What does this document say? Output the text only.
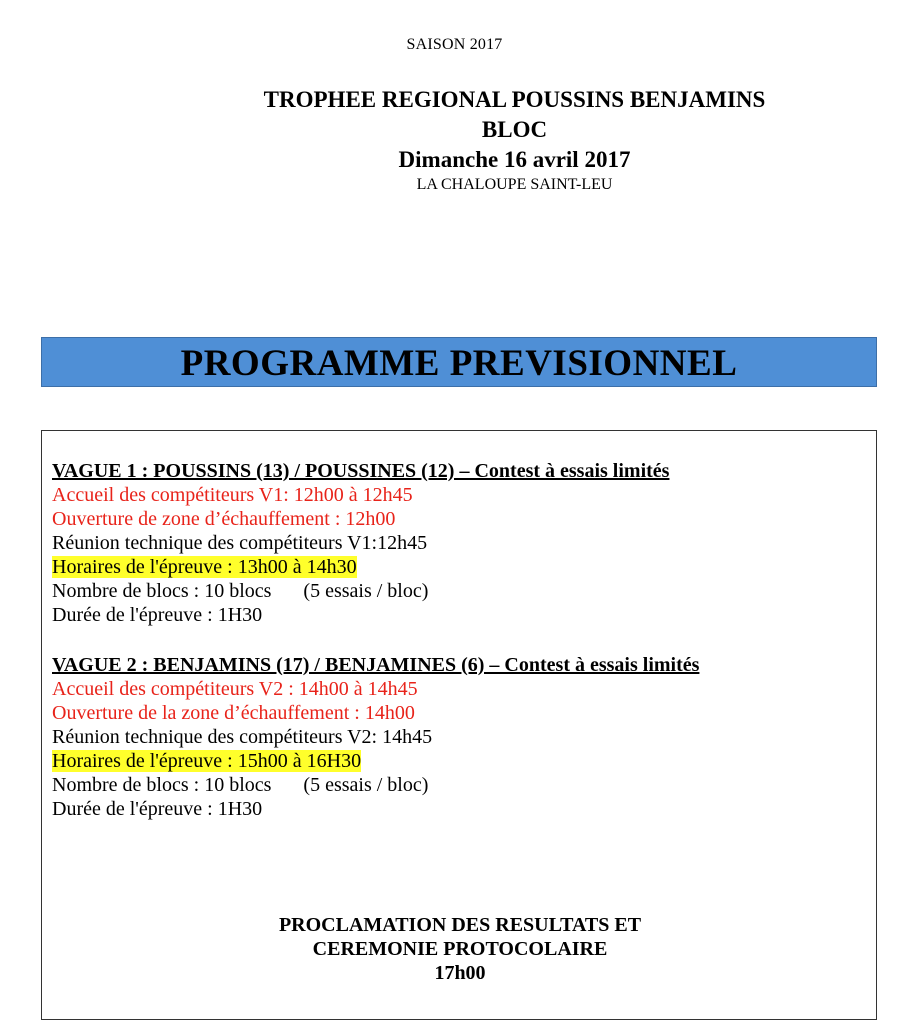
SAISON 2017

TROPHEE REGIONAL POUSSINS BENJAMINS

BLOC

Dimanche 16 avril 2017

LA CHALOUPE SAINT-LEU

PROGRAMME PREVISIONNEL

VAGUE 1 : POUSSINS (13) / POUSSINES (12) – Contest à essais limités

Accueil des compétiteurs V1: 12h00 à 12h45

Ouverture de zone d’échauffement : 12h00

Réunion technique des compétiteurs V1:12h45

Horaires de l'épreuve : 13h00 à 14h30

Nombre de blocs : 10 blocs (5 essais / bloc)

Durée de l'épreuve : 1H30

VAGUE 2 : BENJAMINS (17) / BENJAMINES (6) – Contest à essais limités

Accueil des compétiteurs V2 : 14h00 à 14h45

Ouverture de la zone d’échauffement : 14h00

Réunion technique des compétiteurs V2: 14h45

Horaires de l'épreuve : 15h00 à 16H30

Nombre de blocs : 10 blocs (5 essais / bloc)

Durée de l'épreuve : 1H30

PROCLAMATION DES RESULTATS ET

CEREMONIE PROTOCOLAIRE

17h00
